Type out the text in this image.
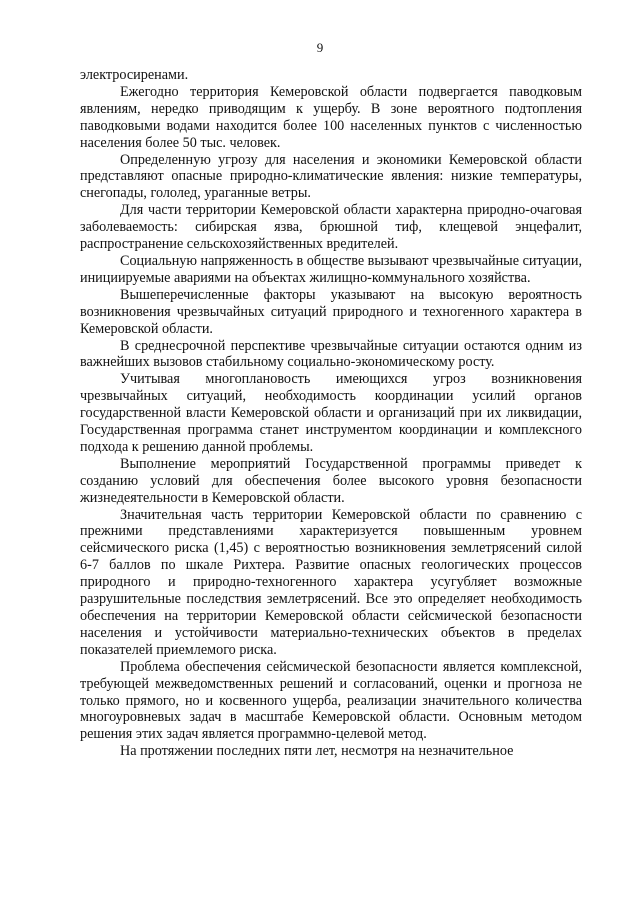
9

электросиренами.

Ежегодно территория Кемеровской области подвергается паводковым явлениям, нередко приводящим к ущербу. В зоне вероятного подтопления паводковыми водами находится более 100 населенных пунктов с численностью населения более 50 тыс. человек.

Определенную угрозу для населения и экономики Кемеровской области представляют опасные природно-климатические явления: низкие температуры, снегопады, гололед, ураганные ветры.

Для части территории Кемеровской области характерна природно-очаговая заболеваемость: сибирская язва, брюшной тиф, клещевой энцефалит, распространение сельскохозяйственных вредителей.

Социальную напряженность в обществе вызывают чрезвычайные ситуации, инициируемые авариями на объектах жилищно-коммунального хозяйства.

Вышеперечисленные факторы указывают на высокую вероятность возникновения чрезвычайных ситуаций природного и техногенного характера в Кемеровской области.

В среднесрочной перспективе чрезвычайные ситуации остаются одним из важнейших вызовов стабильному социально-экономическому росту.

Учитывая многоплановость имеющихся угроз возникновения чрезвычайных ситуаций, необходимость координации усилий органов государственной власти Кемеровской области и организаций при их ликвидации, Государственная программа станет инструментом координации и комплексного подхода к решению данной проблемы.

Выполнение мероприятий Государственной программы приведет к созданию условий для обеспечения более высокого уровня безопасности жизнедеятельности в Кемеровской области.

Значительная часть территории Кемеровской области по сравнению с прежними представлениями характеризуется повышенным уровнем сейсмического риска (1,45) с вероятностью возникновения землетрясений силой 6-7 баллов по шкале Рихтера. Развитие опасных геологических процессов природного и природно-техногенного характера усугубляет возможные разрушительные последствия землетрясений. Все это определяет необходимость обеспечения на территории Кемеровской области сейсмической безопасности населения и устойчивости материально-технических объектов в пределах показателей приемлемого риска.

Проблема обеспечения сейсмической безопасности является комплексной, требующей межведомственных решений и согласований, оценки и прогноза не только прямого, но и косвенного ущерба, реализации значительного количества многоуровневых задач в масштабе Кемеровской области. Основным методом решения этих задач является программно-целевой метод.

На протяжении последних пяти лет, несмотря на незначительное
